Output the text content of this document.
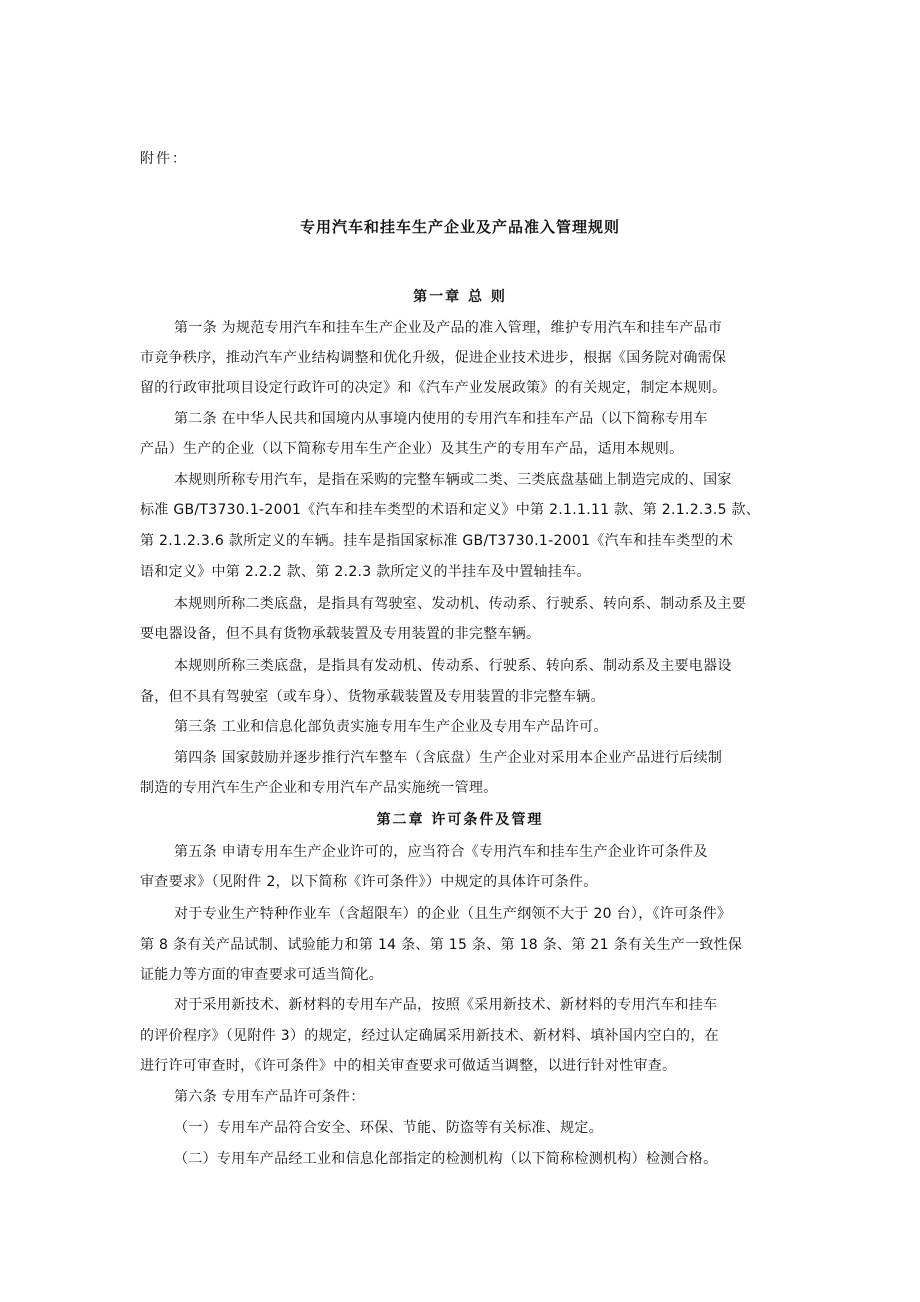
附件：
专用汽车和挂车生产企业及产品准入管理规则
第一章 总 则
第一条 为规范专用汽车和挂车生产企业及产品的准入管理，维护专用汽车和挂车产品市
市竞争秩序，推动汽车产业结构调整和优化升级，促进企业技术进步，根据《国务院对确需保
留的行政审批项目设定行政许可的决定》和《汽车产业发展政策》的有关规定，制定本规则。
第二条 在中华人民共和国境内从事境内使用的专用汽车和挂车产品（以下简称专用车
产品）生产的企业（以下简称专用车生产企业）及其生产的专用车产品，适用本规则。
本规则所称专用汽车，是指在采购的完整车辆或二类、三类底盘基础上制造完成的、国家
标准 GB/T3730.1-2001《汽车和挂车类型的术语和定义》中第 2.1.1.11 款、第 2.1.2.3.5 款、
第 2.1.2.3.6 款所定义的车辆。挂车是指国家标准 GB/T3730.1-2001《汽车和挂车类型的术
语和定义》中第 2.2.2 款、第 2.2.3 款所定义的半挂车及中置轴挂车。
本规则所称二类底盘，是指具有驾驶室、发动机、传动系、行驶系、转向系、制动系及主要
要电器设备，但不具有货物承载装置及专用装置的非完整车辆。
本规则所称三类底盘，是指具有发动机、传动系、行驶系、转向系、制动系及主要电器设
备，但不具有驾驶室（或车身）、货物承载装置及专用装置的非完整车辆。
第三条 工业和信息化部负责实施专用车生产企业及专用车产品许可。
第四条 国家鼓励并逐步推行汽车整车（含底盘）生产企业对采用本企业产品进行后续制
制造的专用汽车生产企业和专用汽车产品实施统一管理。
第二章 许可条件及管理
第五条 申请专用车生产企业许可的，应当符合《专用汽车和挂车生产企业许可条件及
审查要求》（见附件 2，以下简称《许可条件》）中规定的具体许可条件。
对于专业生产特种作业车（含超限车）的企业（且生产纲领不大于 20 台），《许可条件》
第 8 条有关产品试制、试验能力和第 14 条、第 15 条、第 18 条、第 21 条有关生产一致性保
证能力等方面的审查要求可适当简化。
对于采用新技术、新材料的专用车产品，按照《采用新技术、新材料的专用汽车和挂车
的评价程序》（见附件 3）的规定，经过认定确属采用新技术、新材料、填补国内空白的，在
进行许可审查时，《许可条件》中的相关审查要求可做适当调整，以进行针对性审查。
第六条 专用车产品许可条件：
（一）专用车产品符合安全、环保、节能、防盗等有关标准、规定。
（二）专用车产品经工业和信息化部指定的检测机构（以下简称检测机构）检测合格。
